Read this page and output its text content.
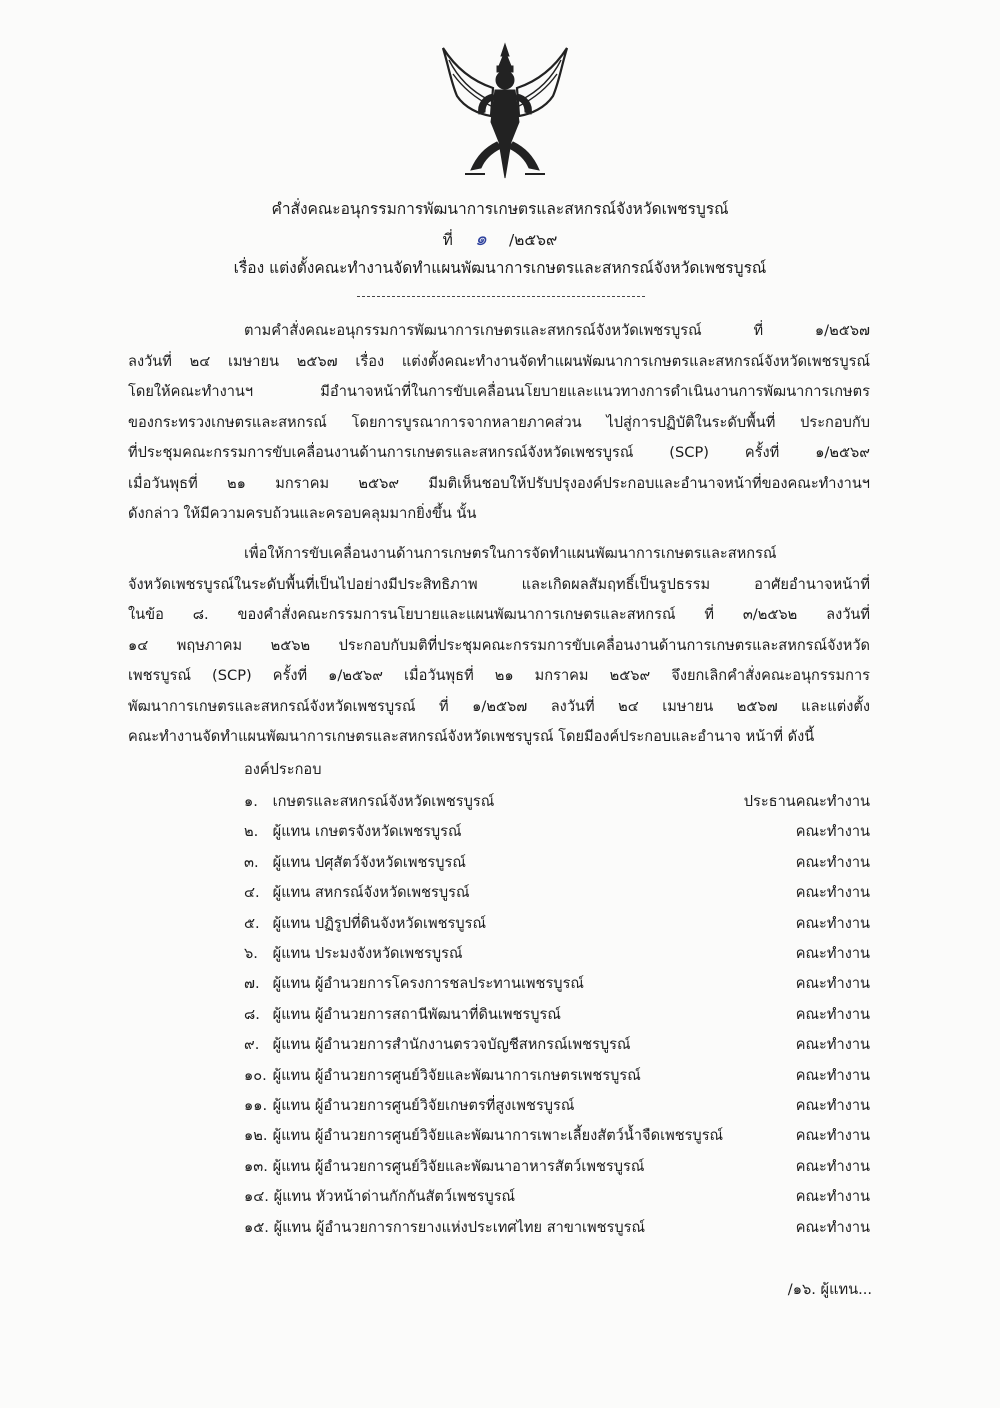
คำสั่งคณะอนุกรรมการพัฒนาการเกษตรและสหกรณ์จังหวัดเพชรบูรณ์
ที่ ๑ /๒๕๖๙
เรื่อง แต่งตั้งคณะทำงานจัดทำแผนพัฒนาการเกษตรและสหกรณ์จังหวัดเพชรบูรณ์
ตามคำสั่งคณะอนุกรรมการพัฒนาการเกษตรและสหกรณ์จังหวัดเพชรบูรณ์ ที่ ๑/๒๕๖๗
ลงวันที่ ๒๔ เมษายน ๒๕๖๗ เรื่อง แต่งตั้งคณะทำงานจัดทำแผนพัฒนาการเกษตรและสหกรณ์จังหวัดเพชรบูรณ์
โดยให้คณะทำงานฯ มีอำนาจหน้าที่ในการขับเคลื่อนนโยบายและแนวทางการดำเนินงานการพัฒนาการเกษตร
ของกระทรวงเกษตรและสหกรณ์ โดยการบูรณาการจากหลายภาคส่วน ไปสู่การปฏิบัติในระดับพื้นที่ ประกอบกับ
ที่ประชุมคณะกรรมการขับเคลื่อนงานด้านการเกษตรและสหกรณ์จังหวัดเพชรบูรณ์ (SCP) ครั้งที่ ๑/๒๕๖๙
เมื่อวันพุธที่ ๒๑ มกราคม ๒๕๖๙ มีมติเห็นชอบให้ปรับปรุงองค์ประกอบและอำนาจหน้าที่ของคณะทำงานฯ
ดังกล่าว ให้มีความครบถ้วนและครอบคลุมมากยิ่งขึ้น นั้น
เพื่อให้การขับเคลื่อนงานด้านการเกษตรในการจัดทำแผนพัฒนาการเกษตรและสหกรณ์
จังหวัดเพชรบูรณ์ในระดับพื้นที่เป็นไปอย่างมีประสิทธิภาพ และเกิดผลสัมฤทธิ์เป็นรูปธรรม อาศัยอำนาจหน้าที่
ในข้อ ๘. ของคำสั่งคณะกรรมการนโยบายและแผนพัฒนาการเกษตรและสหกรณ์ ที่ ๓/๒๕๖๒ ลงวันที่
๑๔ พฤษภาคม ๒๕๖๒ ประกอบกับมติที่ประชุมคณะกรรมการขับเคลื่อนงานด้านการเกษตรและสหกรณ์จังหวัด
เพชรบูรณ์ (SCP) ครั้งที่ ๑/๒๕๖๙ เมื่อวันพุธที่ ๒๑ มกราคม ๒๕๖๙ จึงยกเลิกคำสั่งคณะอนุกรรมการ
พัฒนาการเกษตรและสหกรณ์จังหวัดเพชรบูรณ์ ที่ ๑/๒๕๖๗ ลงวันที่ ๒๔ เมษายน ๒๕๖๗ และแต่งตั้ง
คณะทำงานจัดทำแผนพัฒนาการเกษตรและสหกรณ์จังหวัดเพชรบูรณ์ โดยมีองค์ประกอบและอำนาจ หน้าที่ ดังนี้
องค์ประกอบ
๑. เกษตรและสหกรณ์จังหวัดเพชรบูรณ์	ประธานคณะทำงาน
๒. ผู้แทน เกษตรจังหวัดเพชรบูรณ์	คณะทำงาน
๓. ผู้แทน ปศุสัตว์จังหวัดเพชรบูรณ์	คณะทำงาน
๔. ผู้แทน สหกรณ์จังหวัดเพชรบูรณ์	คณะทำงาน
๕. ผู้แทน ปฏิรูปที่ดินจังหวัดเพชรบูรณ์	คณะทำงาน
๖. ผู้แทน ประมงจังหวัดเพชรบูรณ์	คณะทำงาน
๗. ผู้แทน ผู้อำนวยการโครงการชลประทานเพชรบูรณ์	คณะทำงาน
๘. ผู้แทน ผู้อำนวยการสถานีพัฒนาที่ดินเพชรบูรณ์	คณะทำงาน
๙. ผู้แทน ผู้อำนวยการสำนักงานตรวจบัญชีสหกรณ์เพชรบูรณ์	คณะทำงาน
๑๐. ผู้แทน ผู้อำนวยการศูนย์วิจัยและพัฒนาการเกษตรเพชรบูรณ์	คณะทำงาน
๑๑. ผู้แทน ผู้อำนวยการศูนย์วิจัยเกษตรที่สูงเพชรบูรณ์	คณะทำงาน
๑๒. ผู้แทน ผู้อำนวยการศูนย์วิจัยและพัฒนาการเพาะเลี้ยงสัตว์น้ำจืดเพชรบูรณ์	คณะทำงาน
๑๓. ผู้แทน ผู้อำนวยการศูนย์วิจัยและพัฒนาอาหารสัตว์เพชรบูรณ์	คณะทำงาน
๑๔. ผู้แทน หัวหน้าด่านกักกันสัตว์เพชรบูรณ์	คณะทำงาน
๑๕. ผู้แทน ผู้อำนวยการการยางแห่งประเทศไทย สาขาเพชรบูรณ์	คณะทำงาน
/๑๖. ผู้แทน...
